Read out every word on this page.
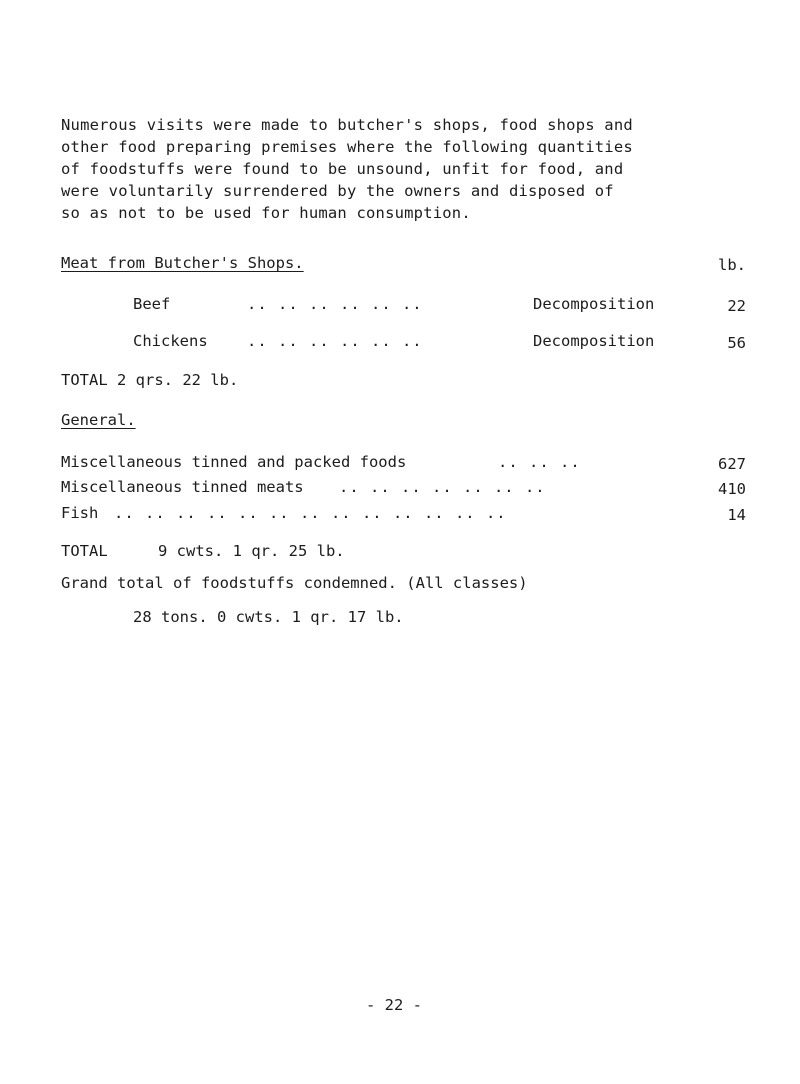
Numerous visits were made to butcher's shops, food shops and

other food preparing premises where the following quantities

of foodstuffs were found to be unsound, unfit for food, and

were voluntarily surrendered by the owners and disposed of

so as not to be used for human consumption.

Meat from Butcher's Shops.	lb.
Beef	.. .. .. .. .. ..	Decomposition	22
Chickens	.. .. .. .. .. ..	Decomposition	56
TOTAL 2 qrs. 22 lb.
General.
Miscellaneous tinned and packed foods	.. .. ..	627
Miscellaneous tinned meats .. .. .. .. .. .. ..	410
Fish .. .. .. .. .. .. .. .. .. .. .. .. ..	14
TOTAL	9 cwts. 1 qr. 25 lb.
Grand total of foodstuffs condemned. (All classes)
28 tons. 0 cwts. 1 qr. 17 lb.
- 22 -
